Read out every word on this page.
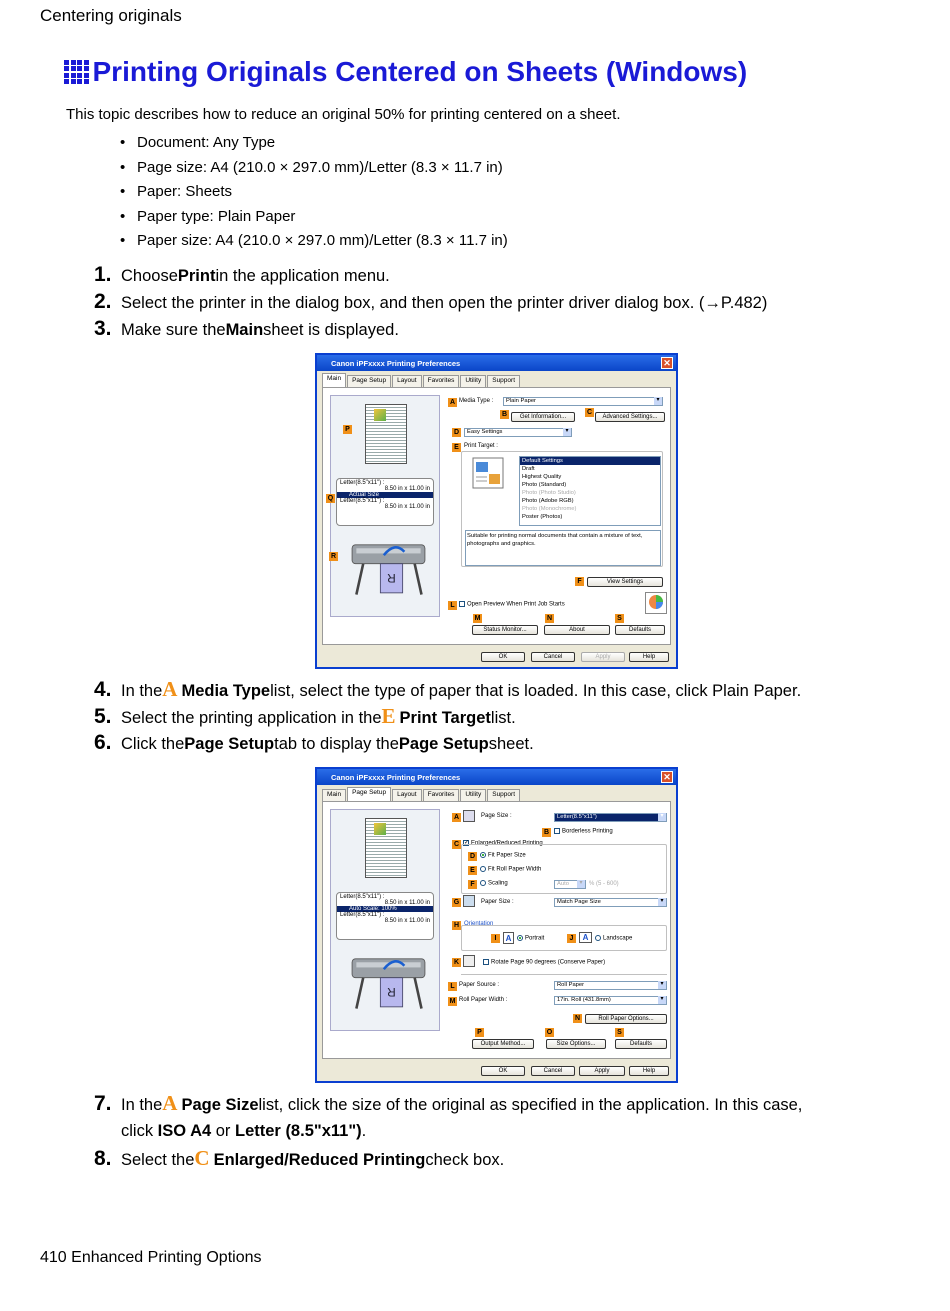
Centering originals
Printing Originals Centered on Sheets (Windows)
This topic describes how to reduce an original 50% for printing centered on a sheet.
• Document: Any Type
• Page size: A4 (210.0 × 297.0 mm)/Letter (8.3 × 11.7 in)
• Paper: Sheets
• Paper type: Plain Paper
• Paper size: A4 (210.0 × 297.0 mm)/Letter (8.3 × 11.7 in)
1. Choose Print in the application menu.
2. Select the printer in the dialog box, and then open the printer driver dialog box. (→P.482)
3. Make sure the Main sheet is displayed.
Canon iPFxxxx Printing Preferences	✕
Main	Page Setup	Layout	Favorites	Utility	Support
Letter(8.5"x11") :
8.50 in x 11.00 in
Actual Size
Letter(8.5"x11") :
8.50 in x 11.00 in
R
P
Q
R
A Media Type :	Plain Paper ▾
B	Get Information...
C
Advanced Settings...
D	Easy Settings ▾
E Print Target :
Default Settings
Draft
Highest Quality
Photo (Standard)
Photo (Photo Studio)
Photo (Adobe RGB)
Photo (Monochrome)
Poster (Photos)
Suitable for printing normal documents that contain a mixture of text, photographs and graphics.
F	View Settings
L	Open Preview When Print Job Starts
M	N	S
Status Monitor...	About	Defaults
OK	Cancel	Apply	Help
4. In the A Media Type list, select the type of paper that is loaded. In this case, click Plain Paper.
5. Select the printing application in the E Print Target list.
6. Click the Page Setup tab to display the Page Setup sheet.
Canon iPFxxxx Printing Preferences	✕
Main	Page Setup	Layout	Favorites	Utility	Support
Letter(8.5"x11") :
8.50 in x 11.00 in
Auto Scale: 100%
Letter(8.5"x11") :
8.50 in x 11.00 in
R
A	Page Size :	Letter(8.5"x11") ▾
B	Borderless Printing
C ✓ Enlarged/Reduced Printing
D	Fit Paper Size
E	Fit Roll Paper Width
F	Scaling	Auto ▾	% (5 - 600)
G	Paper Size :	Match Page Size ▾
H Orientation
I	A	Portrait	J	A	Landscape
K	Rotate Page 90 degrees (Conserve Paper)
L Paper Source :	Roll Paper ▾
M Roll Paper Width :	17in. Roll (431.8mm) ▾
N	Roll Paper Options...
P	O	S
Output Method...	Size Options...	Defaults
OK	Cancel	Apply	Help
7. In the A Page Size list, click the size of the original as specified in the application. In this case,
click ISO A4 or Letter (8.5"x11").
8. Select the C Enlarged/Reduced Printing check box.
410 Enhanced Printing Options
